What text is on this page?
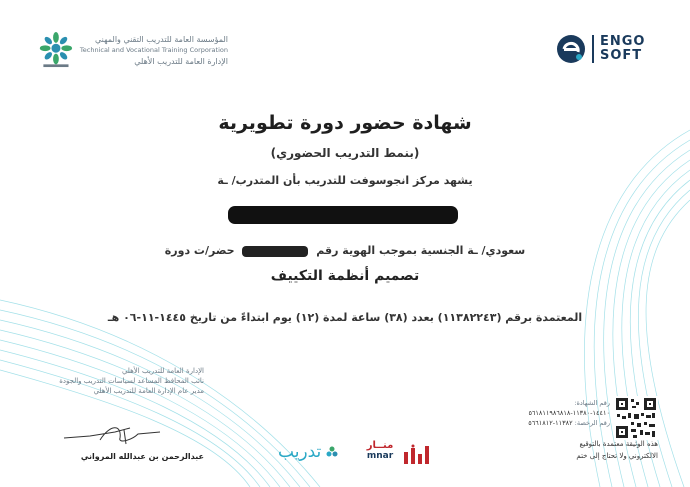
المؤسسة العامة للتدريب التقني والمهني
Technical and Vocational Training Corporation
الإدارة العامة للتدريب الأهلي
ENGO
SOFT
شهادة حضور دورة تطويرية
(بنمط التدريب الحضوري)
يشهد مركز انجوسوفت للتدريب بأن المتدرب/ ـة
سعودي/ ـة الجنسية بموجب الهوية رقم  حضر/ت دورة
تصميم أنظمة التكييف
المعتمدة برقم (١١٣٨٢٢٤٣) بعدد (٣٨) ساعة لمدة (١٢) يوم ابتداءً من تاريخ ١٤٤٥-١١-٠٦ هـ
الإدارة العامة للتدريب الأهلي
نائب المحافظ المساعد لسياسات التدريب والجودة
مدير عام الإدارة العامة للتدريب الأهلي
عبدالرحمن بن عبدالله المرواني	تدريب	منــار
mnar
رقم الشهادة:
١٤٤١٠-١١٣٨٠-٥٦١٨١١٩٨٦٨١٨
رقم الرخصة: ١١٣٨٢-٥٦٦١٨١٢
هذه الوثيقة معتمدة بالتوقيع
الالكتروني ولا تحتاج إلى ختم
